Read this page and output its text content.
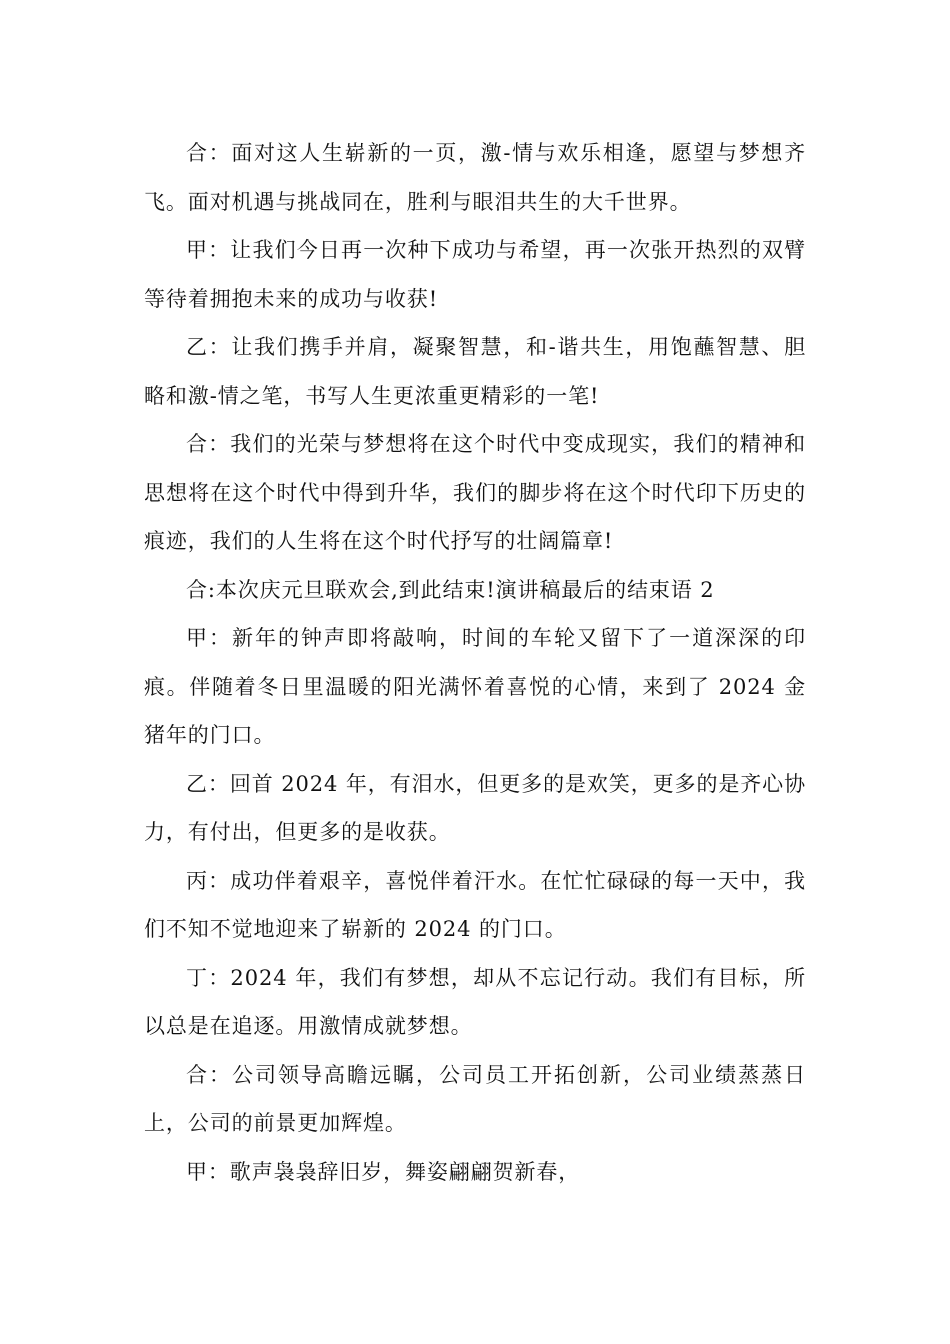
合：面对这人生崭新的一页，激-情与欢乐相逢，愿望与梦想齐飞。面对机遇与挑战同在，胜利与眼泪共生的大千世界。

甲：让我们今日再一次种下成功与希望，再一次张开热烈的双臂等待着拥抱未来的成功与收获!

乙：让我们携手并肩，凝聚智慧，和-谐共生，用饱蘸智慧、胆略和激-情之笔，书写人生更浓重更精彩的一笔!

合：我们的光荣与梦想将在这个时代中变成现实，我们的精神和思想将在这个时代中得到升华，我们的脚步将在这个时代印下历史的痕迹，我们的人生将在这个时代抒写的壮阔篇章!

合:本次庆元旦联欢会,到此结束!演讲稿最后的结束语 2

甲：新年的钟声即将敲响，时间的车轮又留下了一道深深的印痕。伴随着冬日里温暖的阳光满怀着喜悦的心情，来到了 2024 金猪年的门口。

乙：回首 2024 年，有泪水，但更多的是欢笑，更多的是齐心协力，有付出，但更多的是收获。

丙：成功伴着艰辛，喜悦伴着汗水。在忙忙碌碌的每一天中，我们不知不觉地迎来了崭新的 2024 的门口。

丁：2024 年，我们有梦想，却从不忘记行动。我们有目标，所以总是在追逐。用激情成就梦想。

合：公司领导高瞻远瞩，公司员工开拓创新，公司业绩蒸蒸日上，公司的前景更加辉煌。

甲：歌声袅袅辞旧岁，舞姿翩翩贺新春，
